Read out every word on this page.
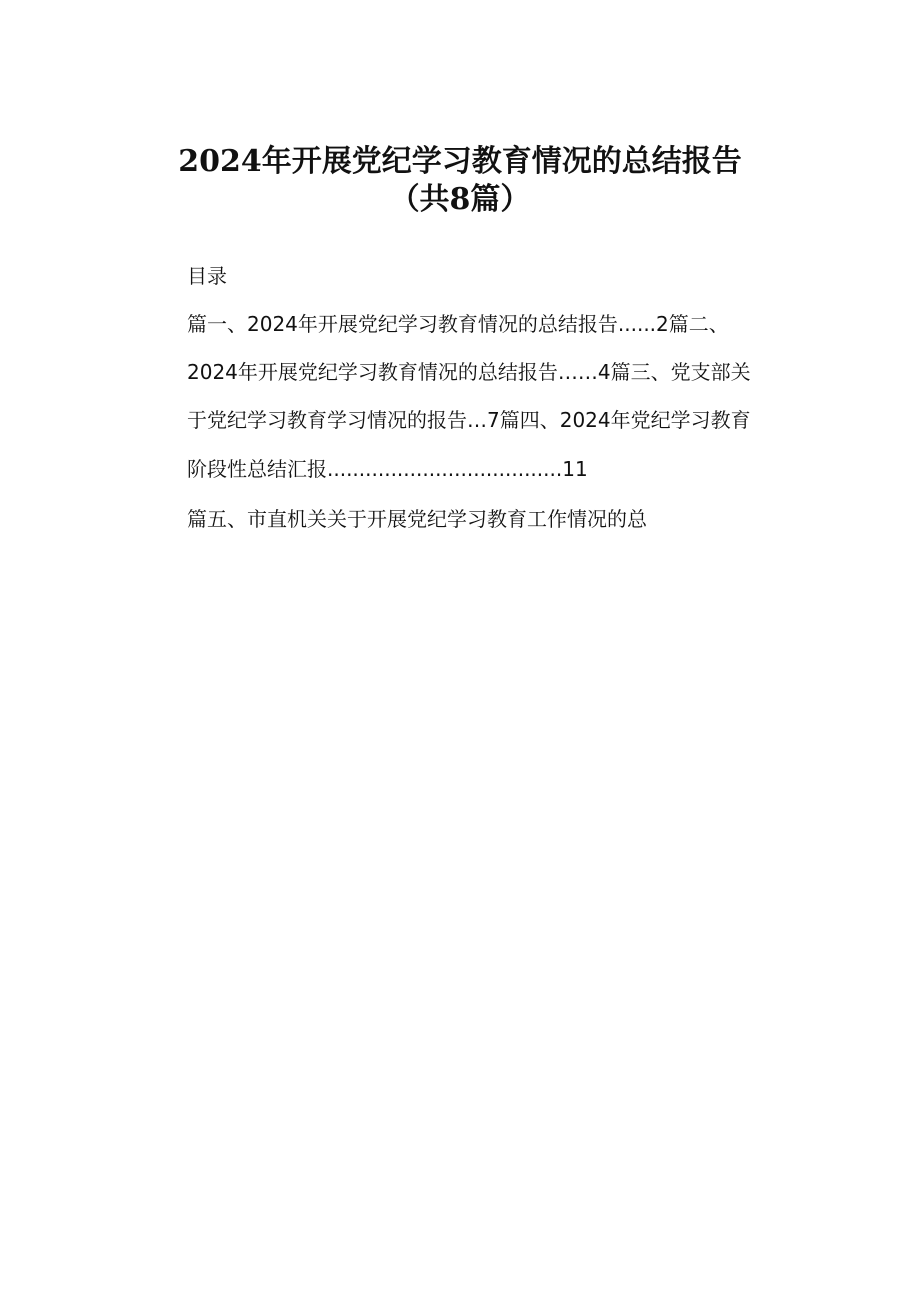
2024年开展党纪学习教育情况的总结报告
（共8篇）
目录
篇一、2024年开展党纪学习教育情况的总结报告......2篇二、
2024年开展党纪学习教育情况的总结报告……4篇三、党支部关
于党纪学习教育学习情况的报告…7篇四、2024年党纪学习教育
阶段性总结汇报.....................................11
篇五、市直机关关于开展党纪学习教育工作情况的总
